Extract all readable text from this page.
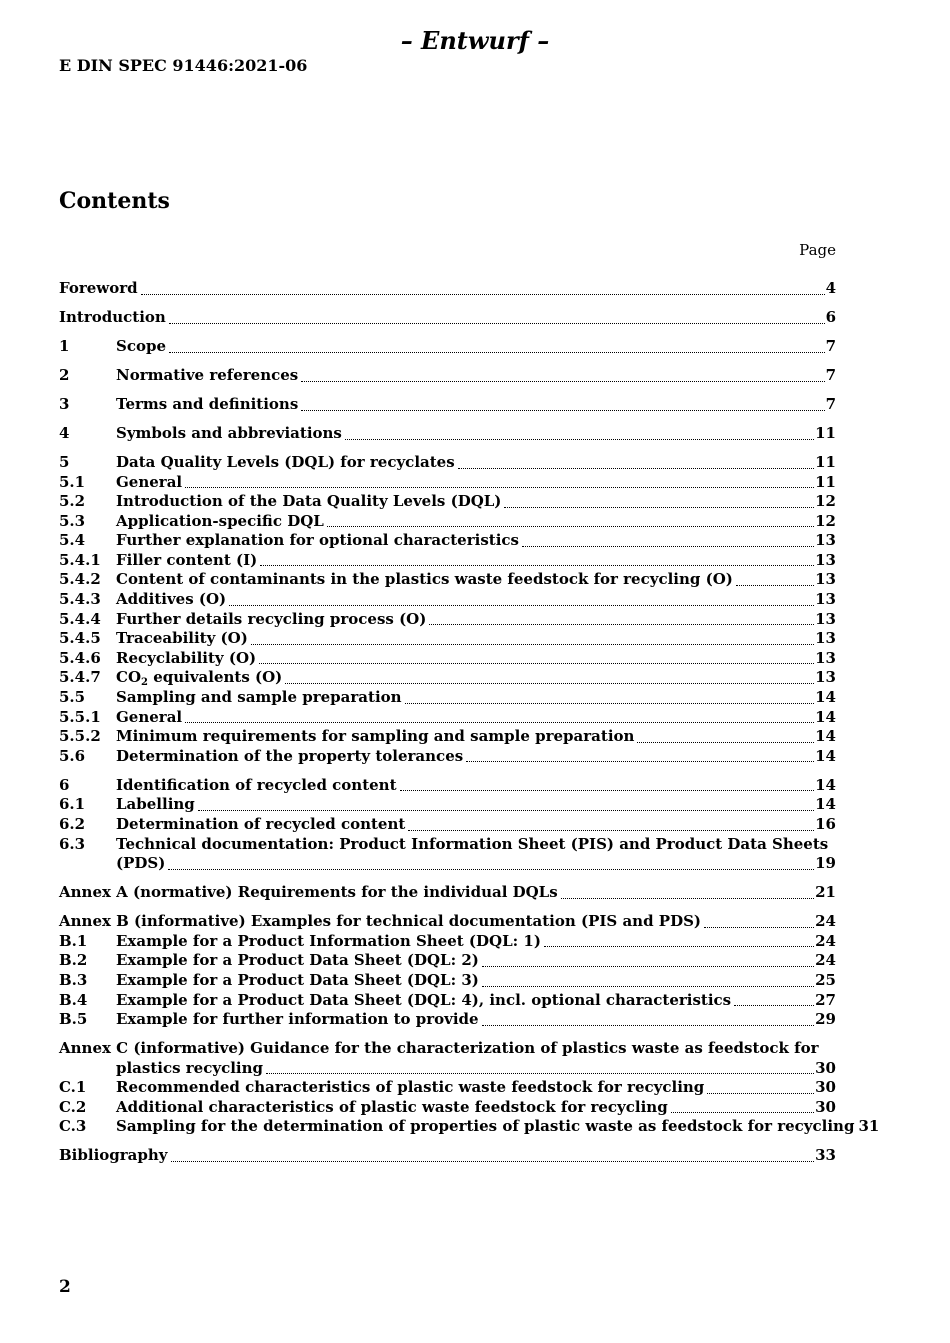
– Entwurf –
E DIN SPEC 91446:2021-06
Contents
Page
Foreword	4
Introduction	6
1	Scope	7
2	Normative references	7
3	Terms and definitions	7
4	Symbols and abbreviations	11
5	Data Quality Levels (DQL) for recyclates	11
5.1	General	11
5.2	Introduction of the Data Quality Levels (DQL)	12
5.3	Application-specific DQL	12
5.4	Further explanation for optional characteristics	13
5.4.1	Filler content (I)	13
5.4.2	Content of contaminants in the plastics waste feedstock for recycling (O)	13
5.4.3	Additives (O)	13
5.4.4	Further details recycling process (O)	13
5.4.5	Traceability (O)	13
5.4.6	Recyclability (O)	13
5.4.7	$CO_2$ equivalents (O)	13
5.5	Sampling and sample preparation	14
5.5.1	General	14
5.5.2	Minimum requirements for sampling and sample preparation	14
5.6	Determination of the property tolerances	14
6	Identification of recycled content	14
6.1	Labelling	14
6.2	Determination of recycled content	16
6.3	Technical documentation: Product Information Sheet (PIS) and Product Data Sheets
(PDS)	19
Annex A (normative) Requirements for the individual DQLs	21
Annex B (informative) Examples for technical documentation (PIS and PDS)	24
B.1	Example for a Product Information Sheet (DQL: 1)	24
B.2	Example for a Product Data Sheet (DQL: 2)	24
B.3	Example for a Product Data Sheet (DQL: 3)	25
B.4	Example for a Product Data Sheet (DQL: 4), incl. optional characteristics	27
B.5	Example for further information to provide	29
Annex C (informative) Guidance for the characterization of plastics waste as feedstock for
plastics recycling	30
C.1	Recommended characteristics of plastic waste feedstock for recycling	30
C.2	Additional characteristics of plastic waste feedstock for recycling	30
C.3	Sampling for the determination of properties of plastic waste as feedstock for recycling 31
Bibliography	33
2
